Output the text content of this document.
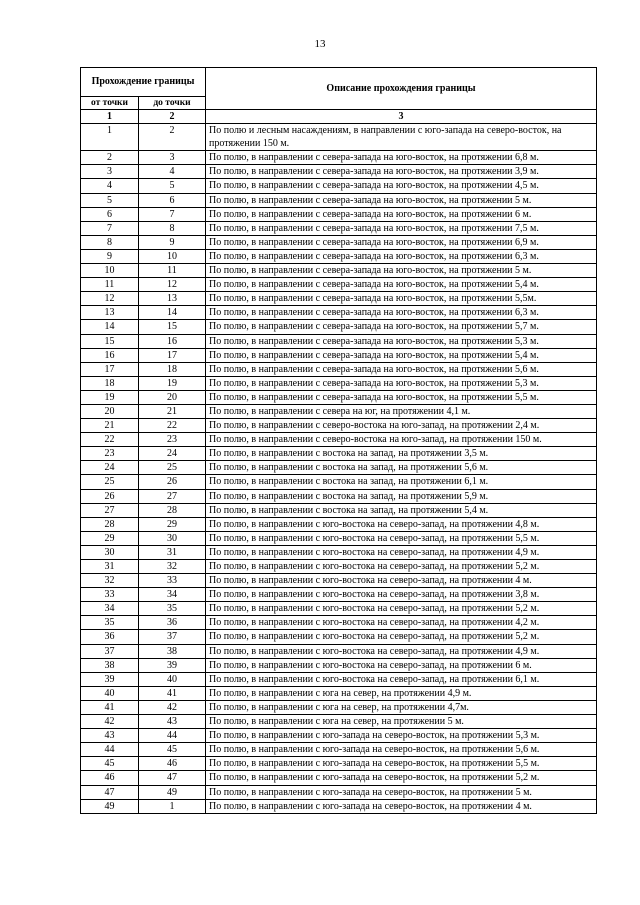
13
Прохождение границы		Описание прохождения границы
от точки	до точки	
1	2	3
1	2	По полю и лесным насаждениям, в направлении с юго-запада на северо-восток, на протяжении 150 м.
2	3	По полю, в направлении с севера-запада на юго-восток, на протяжении 6,8 м.
3	4	По полю, в направлении с севера-запада на юго-восток, на протяжении 3,9 м.
4	5	По полю, в направлении с севера-запада на юго-восток, на протяжении 4,5 м.
5	6	По полю, в направлении с севера-запада на юго-восток, на протяжении 5 м.
6	7	По полю, в направлении с севера-запада на юго-восток, на протяжении 6 м.
7	8	По полю, в направлении с севера-запада на юго-восток, на протяжении 7,5 м.
8	9	По полю, в направлении с севера-запада на юго-восток, на протяжении 6,9 м.
9	10	По полю, в направлении с севера-запада на юго-восток, на протяжении 6,3 м.
10	11	По полю, в направлении с севера-запада на юго-восток, на протяжении 5 м.
11	12	По полю, в направлении с севера-запада на юго-восток, на протяжении 5,4 м.
12	13	По полю, в направлении с севера-запада на юго-восток, на протяжении 5,5м.
13	14	По полю, в направлении с севера-запада на юго-восток, на протяжении 6,3 м.
14	15	По полю, в направлении с севера-запада на юго-восток, на протяжении 5,7 м.
15	16	По полю, в направлении с севера-запада на юго-восток, на протяжении 5,3 м.
16	17	По полю, в направлении с севера-запада на юго-восток, на протяжении 5,4 м.
17	18	По полю, в направлении с севера-запада на юго-восток, на протяжении 5,6 м.
18	19	По полю, в направлении с севера-запада на юго-восток, на протяжении 5,3 м.
19	20	По полю, в направлении с севера-запада на юго-восток, на протяжении 5,5 м.
20	21	По полю, в направлении с севера на юг, на протяжении 4,1 м.
21	22	По полю, в направлении с северо-востока на юго-запад, на протяжении 2,4 м.
22	23	По полю, в направлении с северо-востока на юго-запад, на протяжении 150 м.
23	24	По полю, в направлении с востока на запад, на протяжении 3,5 м.
24	25	По полю, в направлении с востока на запад, на протяжении 5,6 м.
25	26	По полю, в направлении с востока на запад, на протяжении 6,1 м.
26	27	По полю, в направлении с востока на запад, на протяжении 5,9 м.
27	28	По полю, в направлении с востока на запад, на протяжении 5,4 м.
28	29	По полю, в направлении с юго-востока на северо-запад, на протяжении 4,8 м.
29	30	По полю, в направлении с юго-востока на северо-запад, на протяжении 5,5 м.
30	31	По полю, в направлении с юго-востока на северо-запад, на протяжении 4,9 м.
31	32	По полю, в направлении с юго-востока на северо-запад, на протяжении 5,2 м.
32	33	По полю, в направлении с юго-востока на северо-запад, на протяжении 4 м.
33	34	По полю, в направлении с юго-востока на северо-запад, на протяжении 3,8 м.
34	35	По полю, в направлении с юго-востока на северо-запад, на протяжении 5,2 м.
35	36	По полю, в направлении с юго-востока на северо-запад, на протяжении 4,2 м.
36	37	По полю, в направлении с юго-востока на северо-запад, на протяжении 5,2 м.
37	38	По полю, в направлении с юго-востока на северо-запад, на протяжении 4,9 м.
38	39	По полю, в направлении с юго-востока на северо-запад, на протяжении 6 м.
39	40	По полю, в направлении с юго-востока на северо-запад, на протяжении 6,1 м.
40	41	По полю, в направлении с юга на север, на протяжении 4,9 м.
41	42	По полю, в направлении с юга на север, на протяжении 4,7м.
42	43	По полю, в направлении с юга на север, на протяжении 5 м.
43	44	По полю, в направлении с юго-запада на северо-восток, на протяжении 5,3 м.
44	45	По полю, в направлении с юго-запада на северо-восток, на протяжении 5,6 м.
45	46	По полю, в направлении с юго-запада на северо-восток, на протяжении 5,5 м.
46	47	По полю, в направлении с юго-запада на северо-восток, на протяжении 5,2 м.
47	49	По полю, в направлении с юго-запада на северо-восток, на протяжении 5 м.
49	1	По полю, в направлении с юго-запада на северо-восток, на протяжении 4 м.
